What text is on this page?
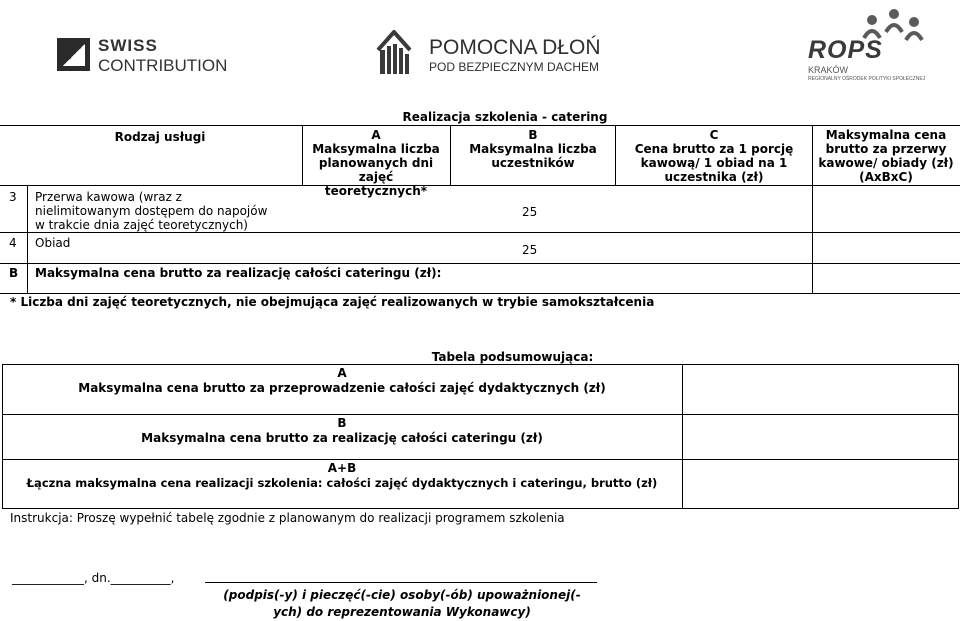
SWISS
CONTRIBUTION
POMOCNA DŁOŃ
POD BEZPIECZNYM DACHEM
ROPS
KRAKÓW
REGIONALNY OŚRODEK POLITYKI SPOŁECZNEJ
Realizacja szkolenia - catering
Rodzaj usługi	A
Maksymalna liczba planowanych dni zajęć teoretycznych*
B
Maksymalna liczba uczestników
C
Cena brutto za 1 porcję kawową/ 1 obiad na 1 uczestnika (zł)
Maksymalna cena brutto za przerwy kawowe/ obiady (zł) (AxBxC)
3 Przerwa kawowa (wraz z nielimitowanym dostępem do napojów w trakcie dnia zajęć teoretycznych)
25
4 Obiad	25
B Maksymalna cena brutto za realizację całości cateringu (zł):
* Liczba dni zajęć teoretycznych, nie obejmująca zajęć realizowanych w trybie samokształcenia
Tabela podsumowująca:
A
Maksymalna cena brutto za przeprowadzenie całości zajęć dydaktycznych (zł)
B
Maksymalna cena brutto za realizację całości cateringu (zł)
A+B
Łączna maksymalna cena realizacji szkolenia: całości zajęć dydaktycznych i cateringu, brutto (zł)
Instrukcja: Proszę wypełnić tabelę zgodnie z planowanym do realizacji programem szkolenia
____________, dn.__________,
(podpis(-y) i pieczęć(-cie) osoby(-ób) upoważnionej(-ych) do reprezentowania Wykonawcy)
